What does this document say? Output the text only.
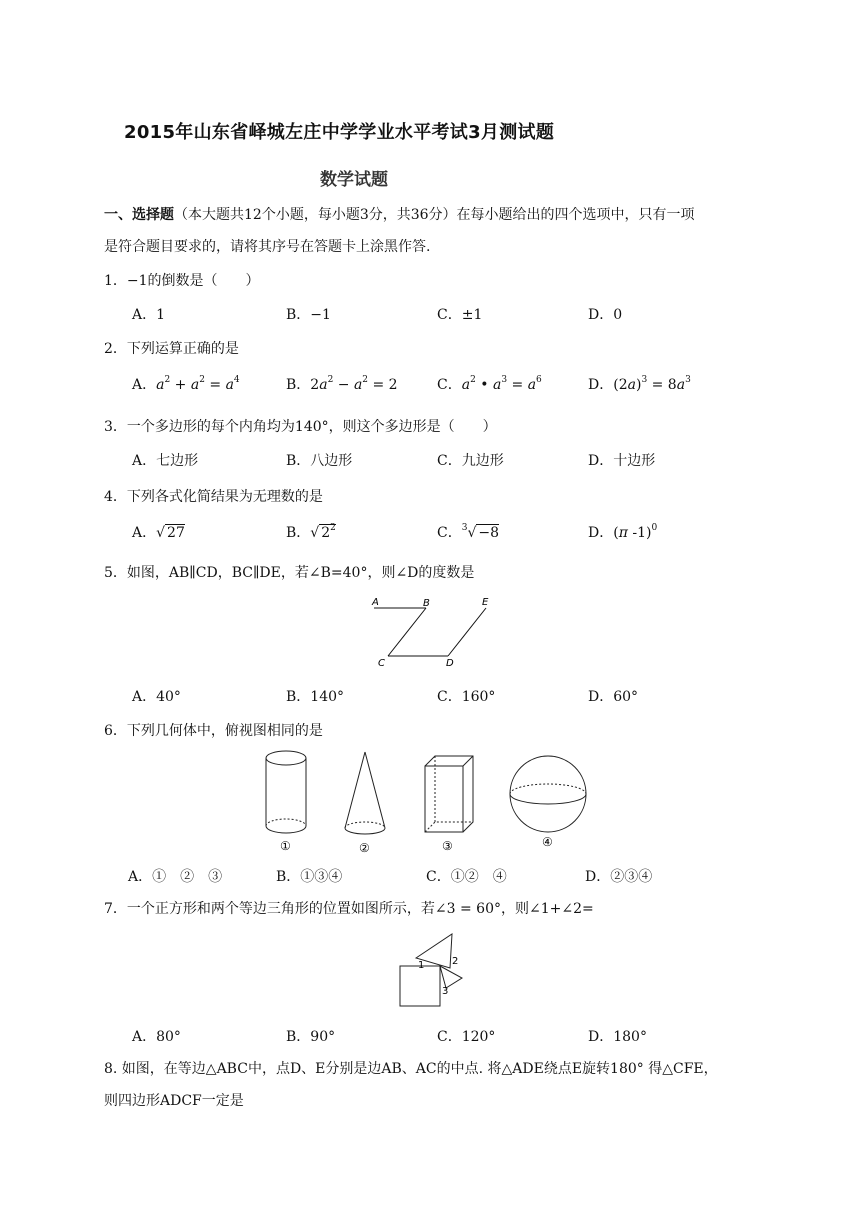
2015年山东省峄城左庄中学学业水平考试3月测试题
数学试题
一、选择题（本大题共12个小题，每小题3分，共36分）在每小题给出的四个选项中，只有一项
是符合题目要求的，请将其序号在答题卡上涂黑作答.
1．−1的倒数是（　　）
A．1	B．−1	C．±1	D．0
2．下列运算正确的是
A．$a^2 + a^2 = a^4$	B．$2a^2 - a^2 = 2$	C．$a^2$ • $a^3 = a^6$	D．$(2a)^3 = 8a^3$
3．一个多边形的每个内角均为140°，则这个多边形是（　　）
A．七边形	B．八边形	C．九边形	D．十边形
4．下列各式化简结果为无理数的是
A．√ 27	B．√ $2^2$	C．$^3$√ −8	D．(π -1)$^0$
5．如图，AB∥CD，BC∥DE，若∠B=40°，则∠D的度数是
A	B
C	D
E
A．40°	B．140°	C．160°	D．60°
6．下列几何体中，俯视图相同的是
①	②	③	④
A．①　②　③	B．①③④	C．①②　④	D．②③④
7．一个正方形和两个等边三角形的位置如图所示，若∠3 = 60°，则∠1+∠2=
1	2
3
A．80°	B．90°	C．120°	D．180°
8. 如图，在等边△ABC中，点D、E分别是边AB、AC的中点. 将△ADE绕点E旋转180° 得△CFE，
则四边形ADCF一定是
